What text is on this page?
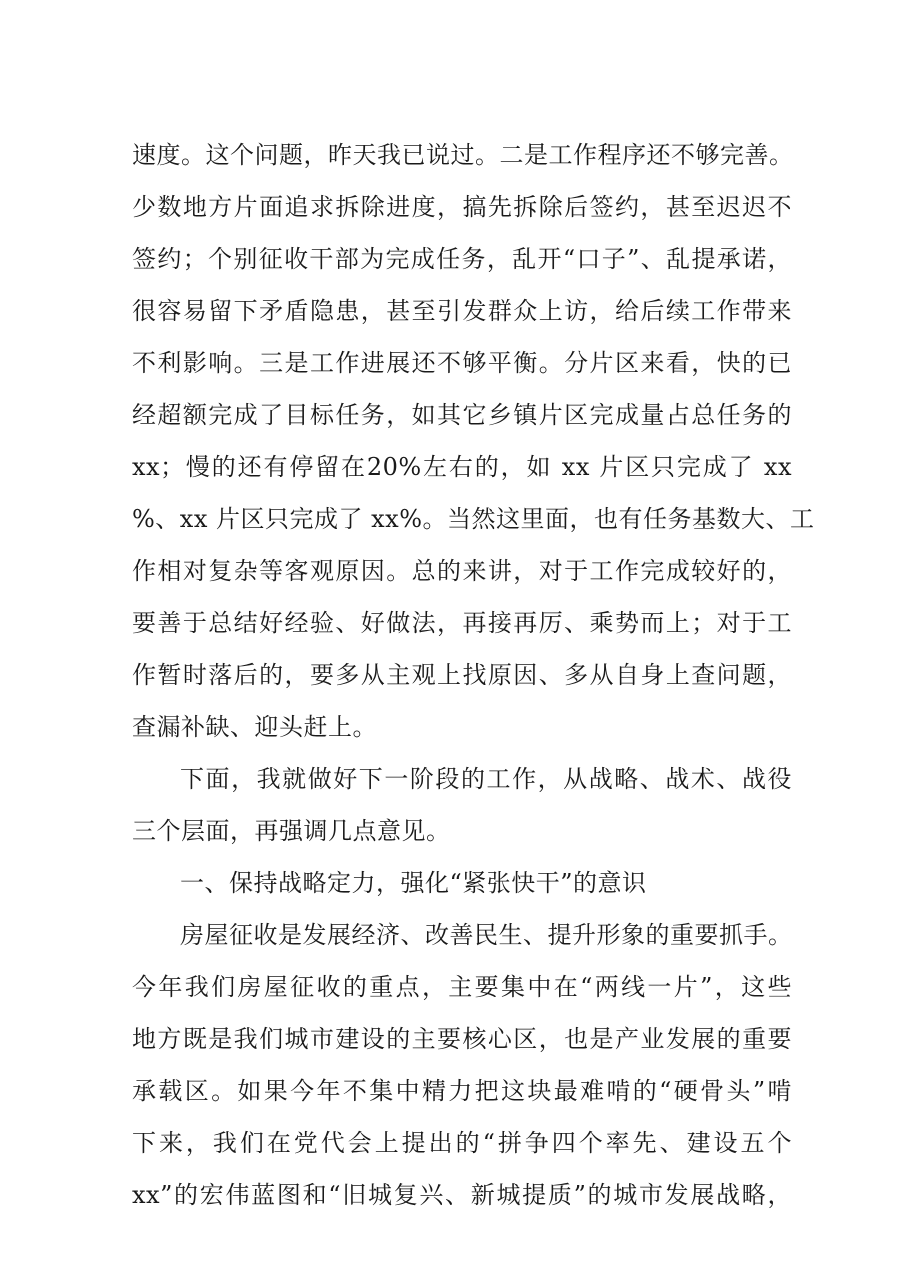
速度。这个问题，昨天我已说过。二是工作程序还不够完善。
少数地方片面追求拆除进度，搞先拆除后签约，甚至迟迟不
签约；个别征收干部为完成任务，乱开“口子”、乱提承诺，
很容易留下矛盾隐患，甚至引发群众上访，给后续工作带来
不利影响。三是工作进展还不够平衡。分片区来看，快的已
经超额完成了目标任务，如其它乡镇片区完成量占总任务的
xx；慢的还有停留在20%左右的，如 xx 片区只完成了 xx
%、xx 片区只完成了 xx%。当然这里面，也有任务基数大、工
作相对复杂等客观原因。总的来讲，对于工作完成较好的，
要善于总结好经验、好做法，再接再厉、乘势而上；对于工
作暂时落后的，要多从主观上找原因、多从自身上查问题，
查漏补缺、迎头赶上。
下面，我就做好下一阶段的工作，从战略、战术、战役
三个层面，再强调几点意见。
一、保持战略定力，强化“紧张快干”的意识
房屋征收是发展经济、改善民生、提升形象的重要抓手。
今年我们房屋征收的重点，主要集中在“两线一片”，这些
地方既是我们城市建设的主要核心区，也是产业发展的重要
承载区。如果今年不集中精力把这块最难啃的“硬骨头”啃
下来，我们在党代会上提出的“拼争四个率先、建设五个
xx”的宏伟蓝图和“旧城复兴、新城提质”的城市发展战略，
